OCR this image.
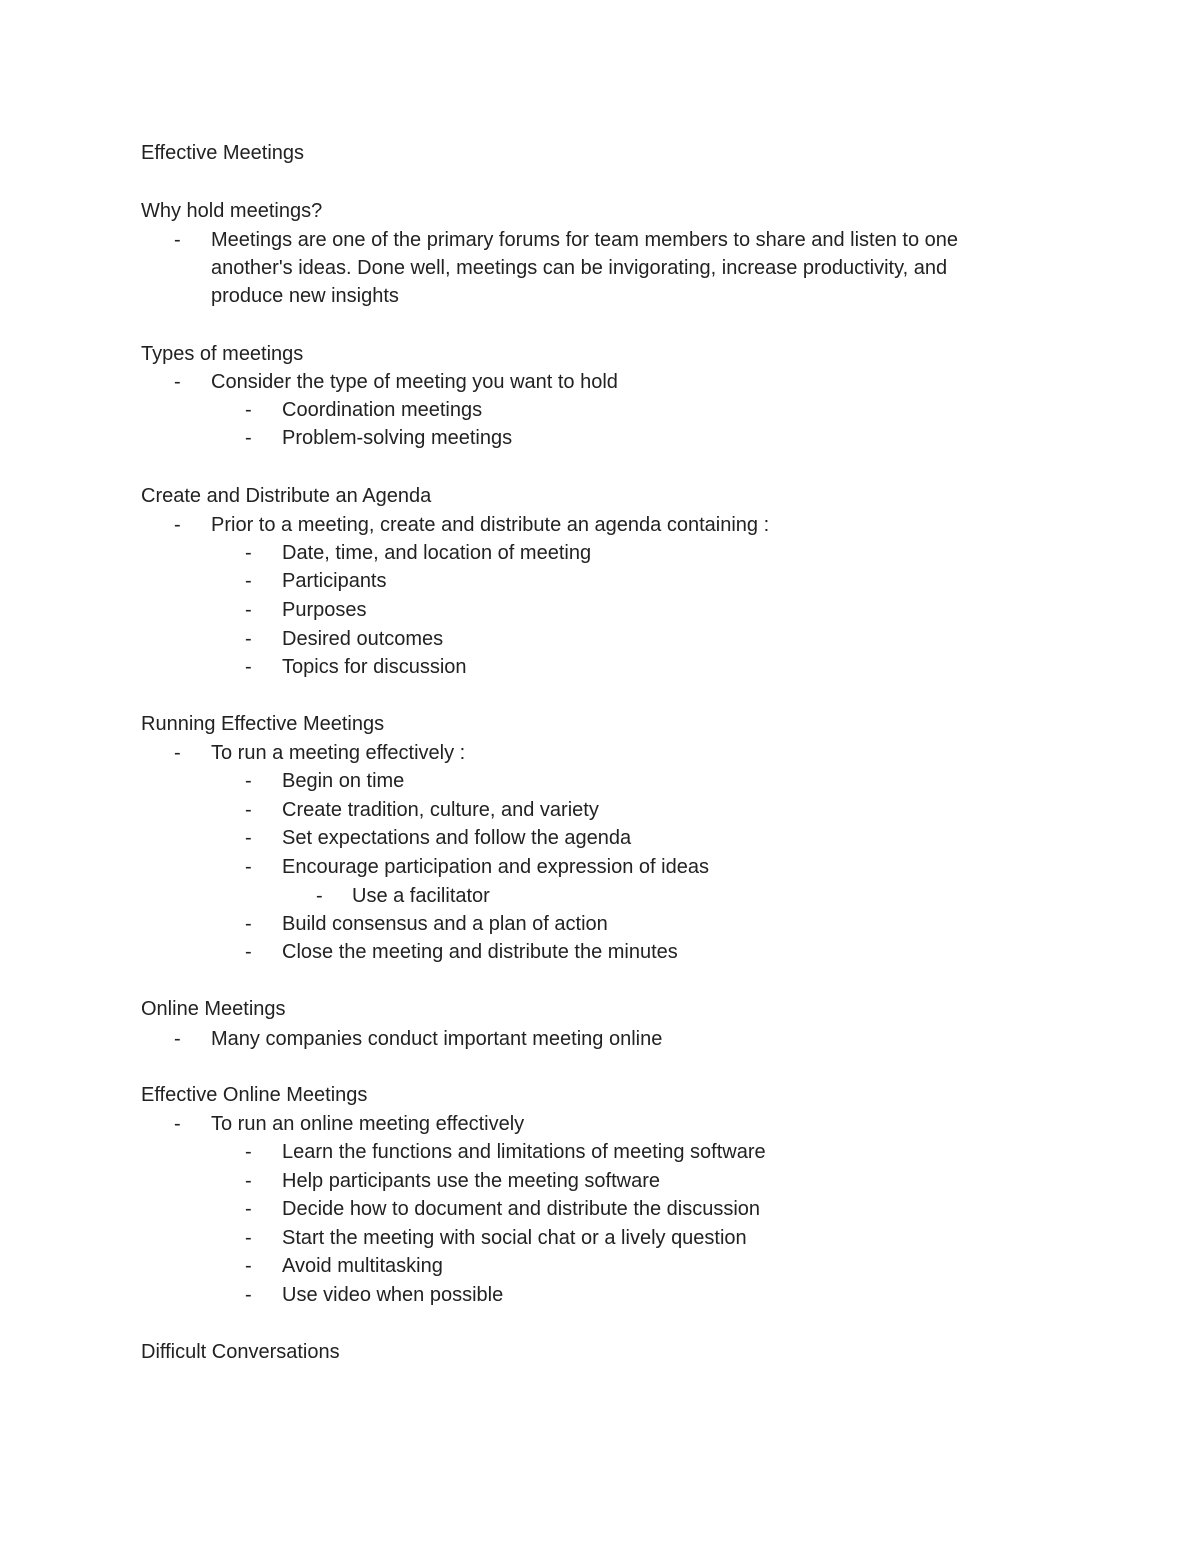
Effective Meetings
Why hold meetings?
- Meetings are one of the primary forums for team members to share and listen to one
another's ideas. Done well, meetings can be invigorating, increase productivity, and
produce new insights
Types of meetings
- Consider the type of meeting you want to hold
- Coordination meetings
- Problem-solving meetings
Create and Distribute an Agenda
- Prior to a meeting, create and distribute an agenda containing :
- Date, time, and location of meeting
- Participants
- Purposes
- Desired outcomes
- Topics for discussion
Running Effective Meetings
- To run a meeting effectively :
- Begin on time
- Create tradition, culture, and variety
- Set expectations and follow the agenda
- Encourage participation and expression of ideas
- Use a facilitator
- Build consensus and a plan of action
- Close the meeting and distribute the minutes
Online Meetings
- Many companies conduct important meeting online
Effective Online Meetings
- To run an online meeting effectively
- Learn the functions and limitations of meeting software
- Help participants use the meeting software
- Decide how to document and distribute the discussion
- Start the meeting with social chat or a lively question
- Avoid multitasking
- Use video when possible
Difficult Conversations
